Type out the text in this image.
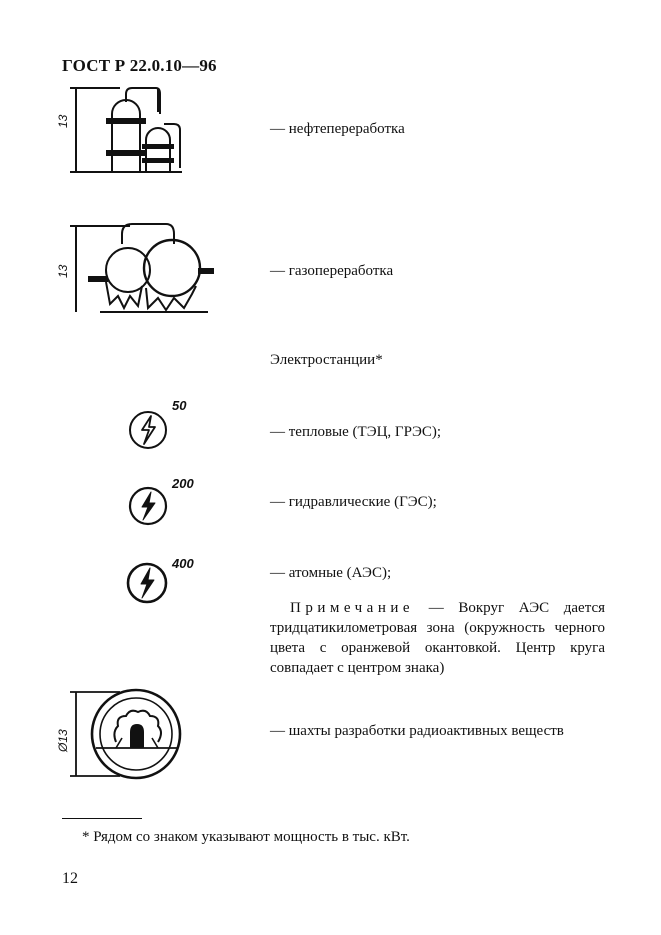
ГОСТ Р 22.0.10—96
13	— нефтепереработка
13	— газопереработка
Электростанции*
50
— тепловые (ТЭЦ, ГРЭС);
200
— гидравлические (ГЭС);
400
— атомные (АЭС);

Примечание — Вокруг АЭС дается тридцатикилометровая зона (окружность черного цвета с оранжевой окантовкой. Центр круга совпадает с центром знака)

Ø13	— шахты разработки радиоактивных веществ
* Рядом со знаком указывают мощность в тыс. кВт.
12
